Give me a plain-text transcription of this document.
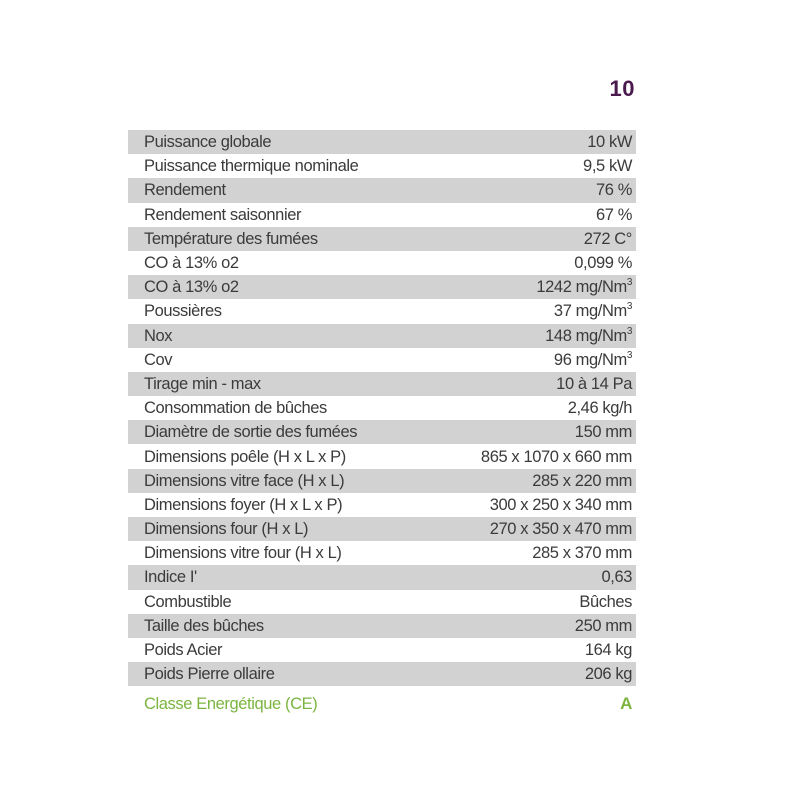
10
Puissance globale	10 kW
Puissance thermique nominale	9,5 kW
Rendement	76 %
Rendement saisonnier	67 %
Température des fumées	272 C°
CO à 13% o2	0,099 %
CO à 13% o2	1242 mg/Nm$^3$
Poussières	37 mg/Nm$^3$
Nox	148 mg/Nm$^3$
Cov	96 mg/Nm$^3$
Tirage min - max	10 à 14 Pa
Consommation de bûches	2,46 kg/h
Diamètre de sortie des fumées	150 mm
Dimensions poêle (H x L x P)	865 x 1070 x 660 mm
Dimensions vitre face (H x L)	285 x 220 mm
Dimensions foyer (H x L x P)	300 x 250 x 340 mm
Dimensions four (H x L)	270 x 350 x 470 mm
Dimensions vitre four (H x L)	285 x 370 mm
Indice I'	0,63
Combustible	Bûches
Taille des bûches	250 mm
Poids Acier	164 kg
Poids Pierre ollaire	206 kg
Classe Energétique (CE)	A
